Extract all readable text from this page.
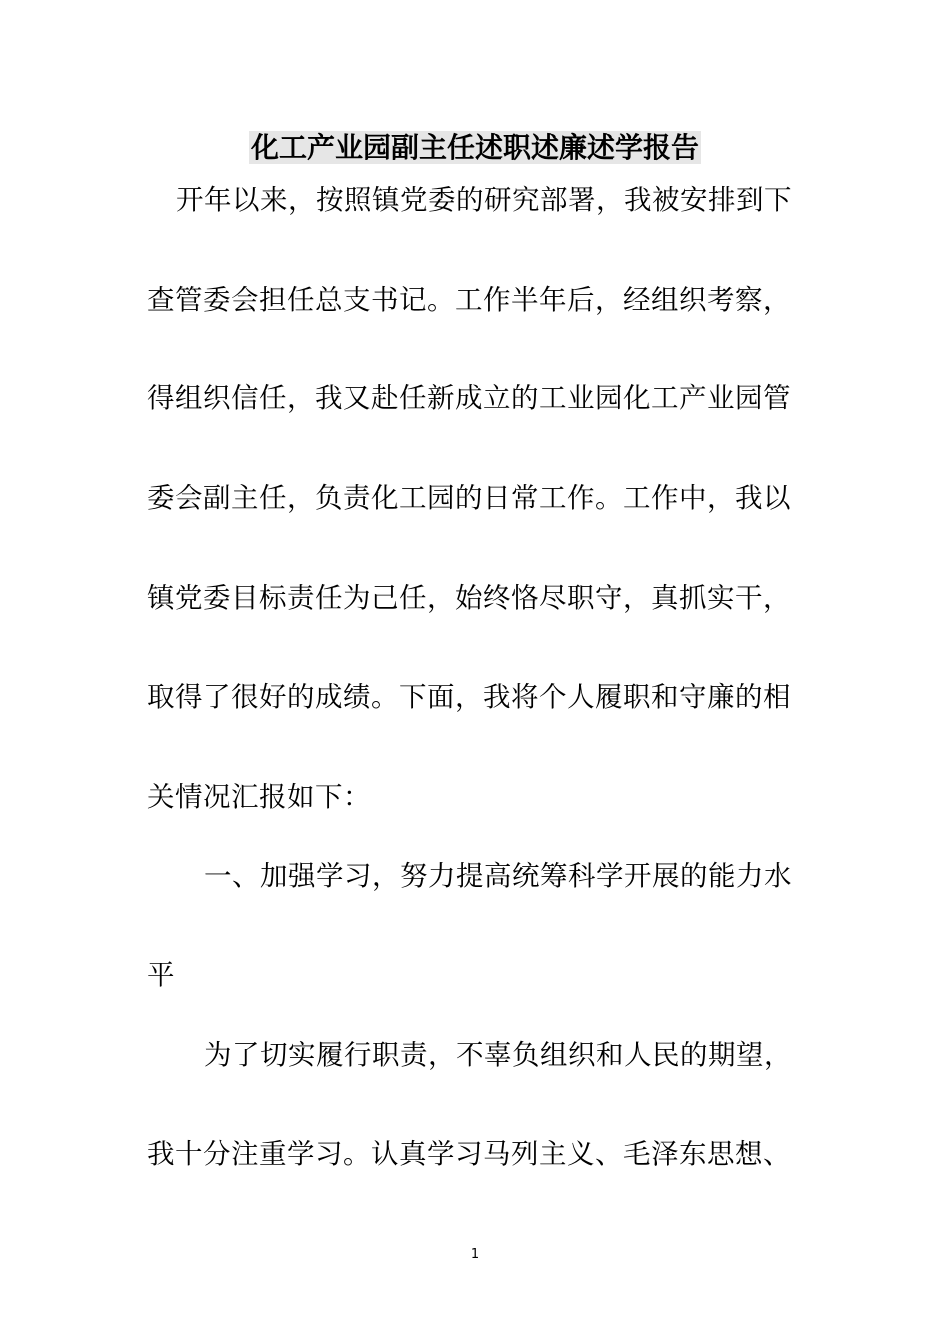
化工产业园副主任述职述廉述学报告
开年以来，按照镇党委的研究部署，我被安排到下
查管委会担任总支书记。工作半年后，经组织考察，
得组织信任，我又赴任新成立的工业园化工产业园管
委会副主任，负责化工园的日常工作。工作中，我以
镇党委目标责任为己任，始终恪尽职守，真抓实干，
取得了很好的成绩。下面，我将个人履职和守廉的相
关情况汇报如下：
一、加强学习，努力提高统筹科学开展的能力水
平
为了切实履行职责，不辜负组织和人民的期望，
我十分注重学习。认真学习马列主义、毛泽东思想、
1
